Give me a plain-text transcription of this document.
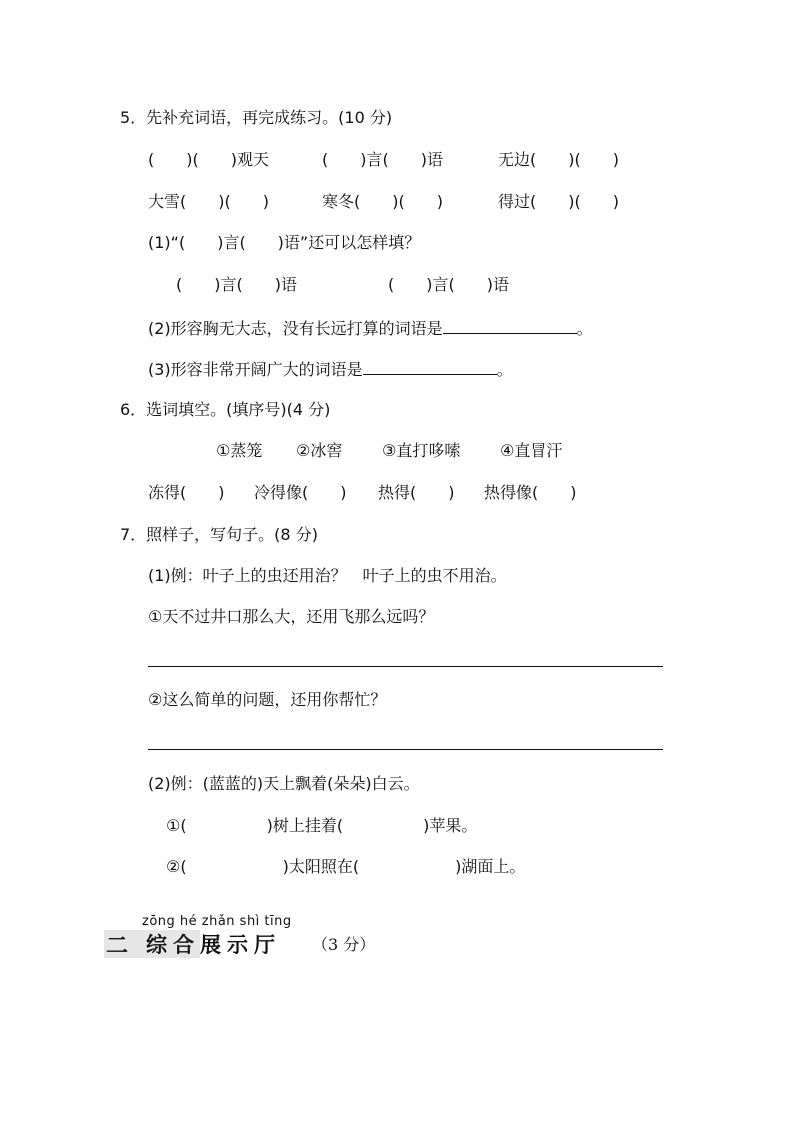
5．先补充词语，再完成练习。(10 分)
(　　)(　　)观天	(　　)言(　　)语	无边(　　)(　　)
大雪(　　)(　　)	寒冬(　　)(　　)	得过(　　)(　　)
(1)“(　　)言(　　)语”还可以怎样填？
(　　)言(　　)语	(　　)言(　　)语
(2)形容胸无大志，没有长远打算的词语是	。
(3)形容非常开阔广大的词语是	。
6．选词填空。(填序号)(4 分)
①蒸笼 ②冰窖 ③直打哆嗦 ④直冒汗
冻得(　　) 冷得像(　　) 热得(　　) 热得像(　　)
7．照样子，写句子。(8 分)
(1)例：叶子上的虫还用治？　叶子上的虫不用治。
①天不过井口那么大，还用飞那么远吗？
②这么简单的问题，还用你帮忙？
(2)例：(蓝蓝的)天上飘着(朵朵)白云。
①(　　　　　)树上挂着(　　　　　)苹果。
②(　　　　　　)太阳照在(　　　　　　)湖面上。
zōng hé zhǎn shì tīng
二 综合展示厅 （3 分）
